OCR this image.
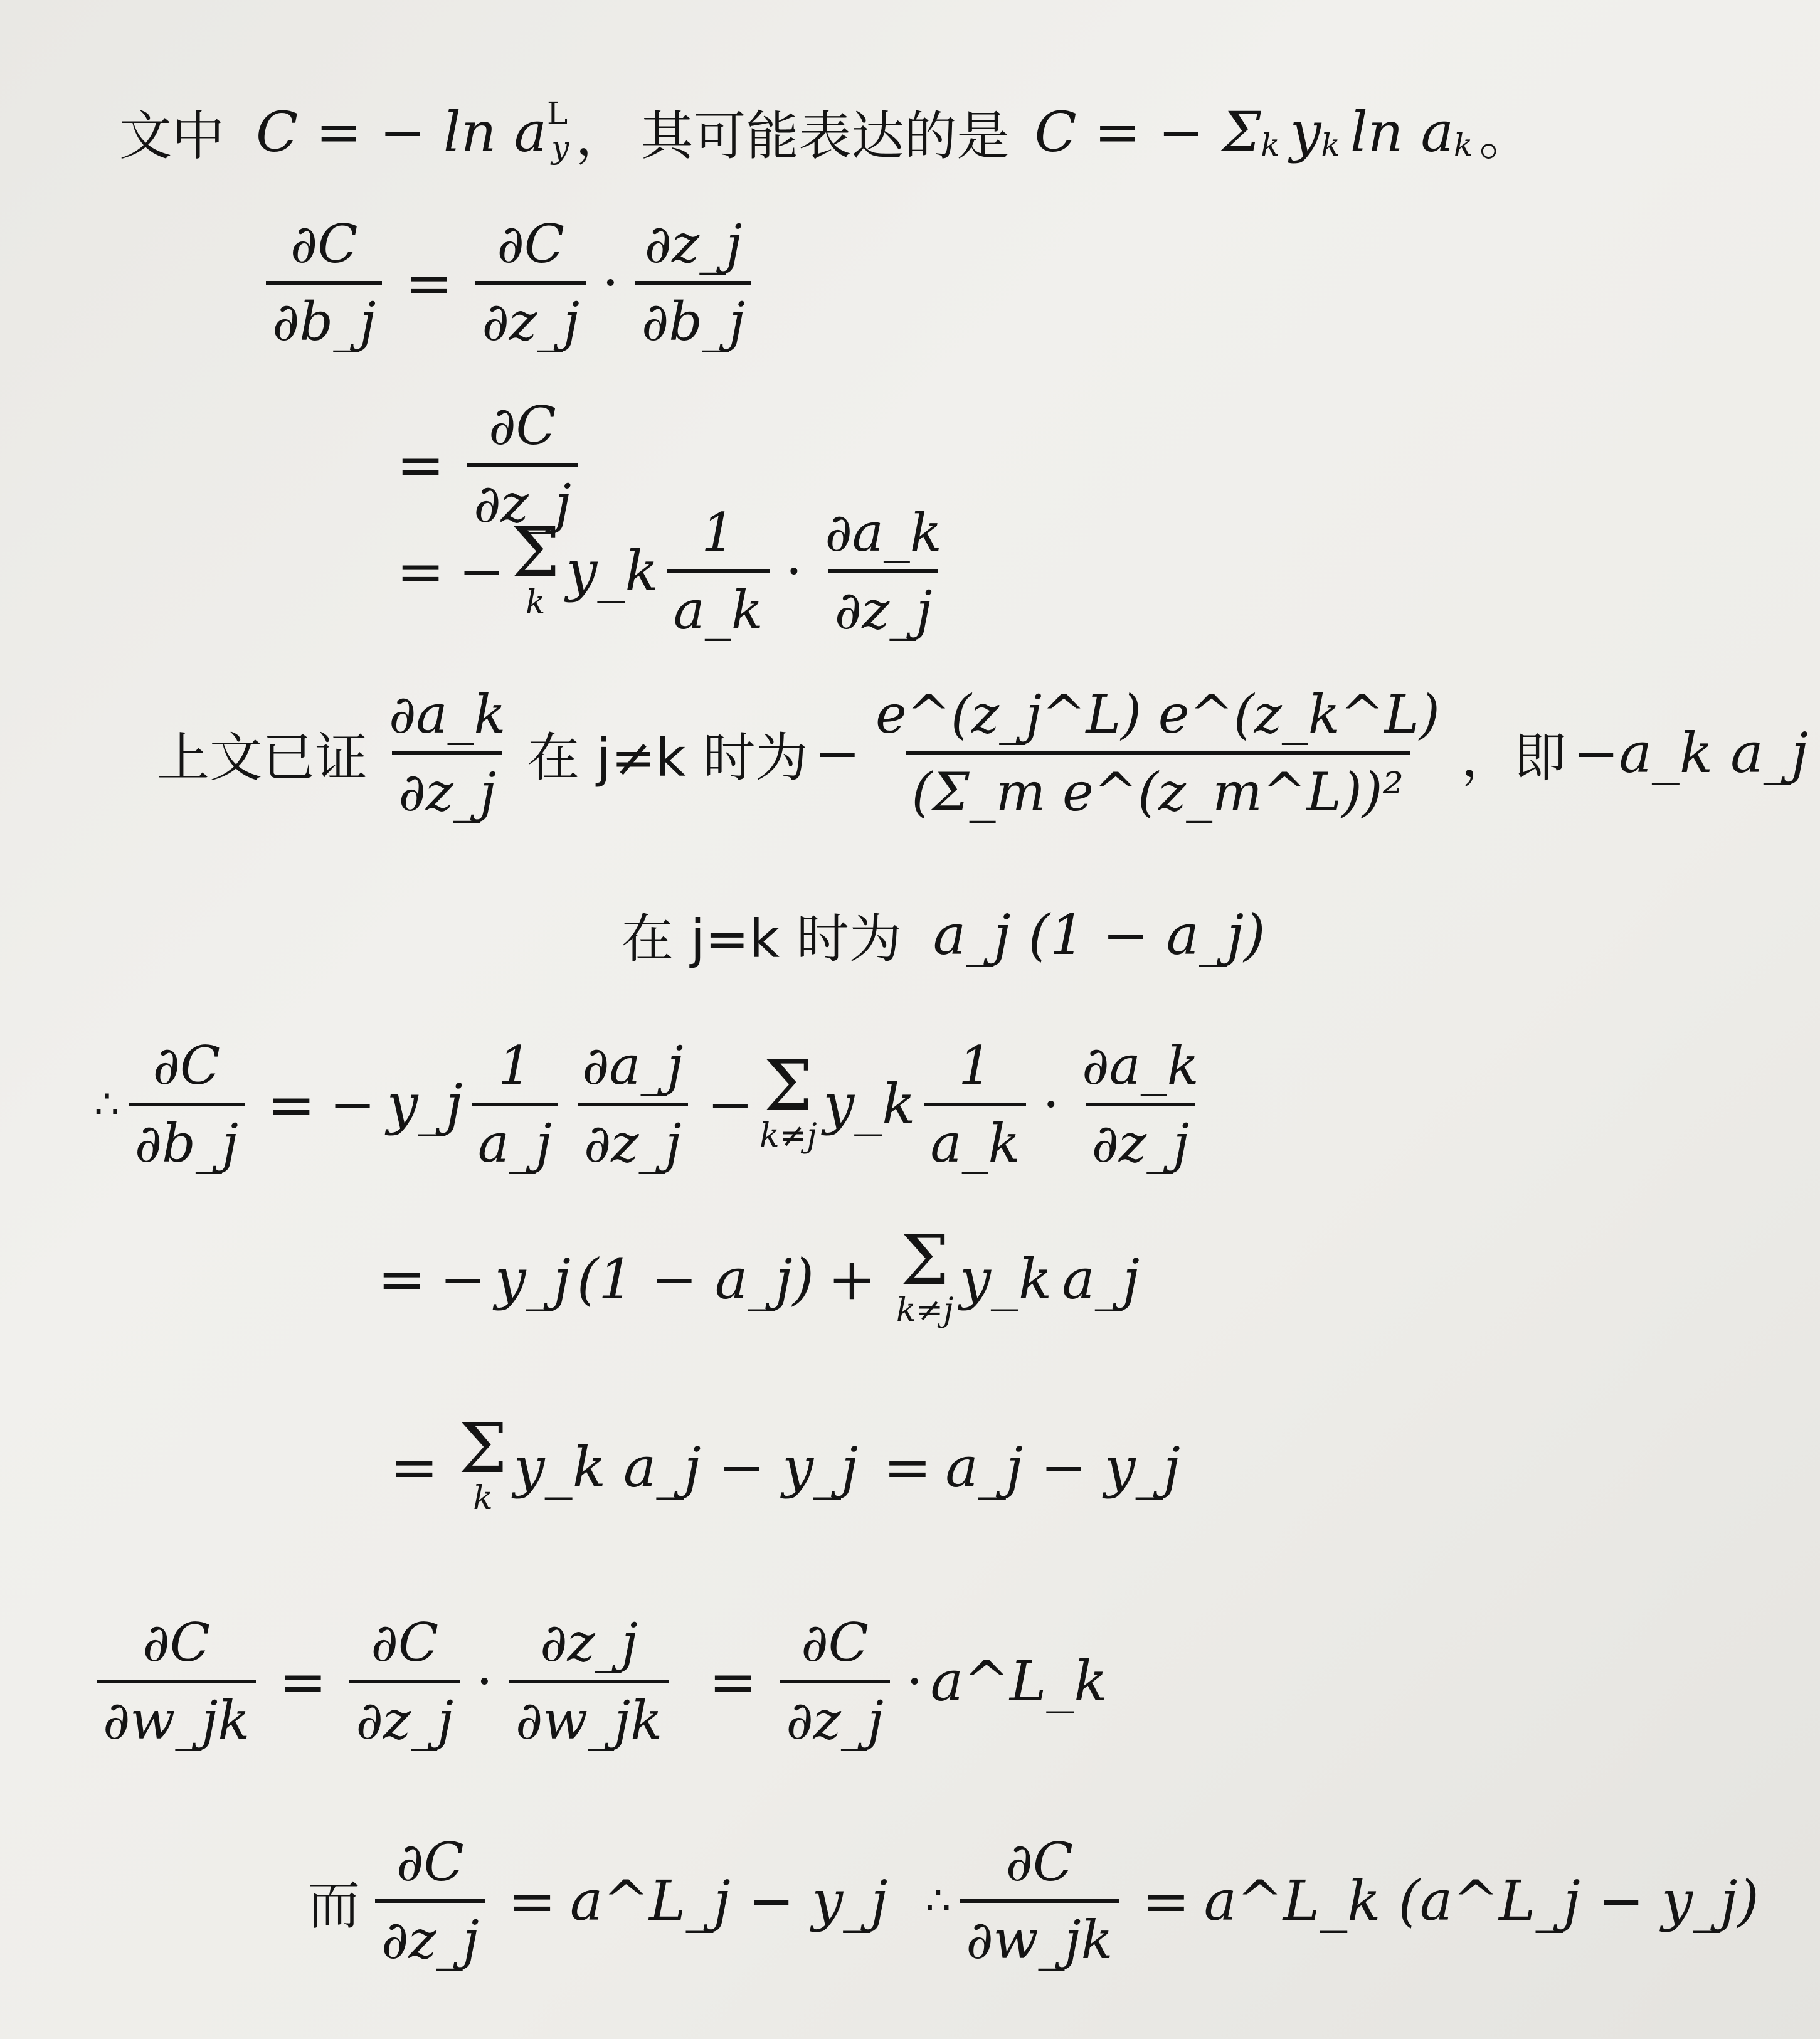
文中 C = − ln a L
y ， 其可能表达的是 C = − Σ k y k ln a k 。
$\frac{\partial C}{\partial b\_j} = \frac{\partial C}{\partial z\_j} \cdot \frac{\partial z\_j}{\partial b\_j}$
= $\frac{\partial C}{\partial z\_j}$
= − Σ
k y_k $\frac{1}{a\_k} \cdot \frac{\partial a\_k}{\partial z\_j}$
上文已证 $\frac{\partial a\_k}{\partial z\_j}$ 在 j≠k 时为 − $\frac{e\^{}(z\_j\^{}L) e\^{}(z\_k\^{}L)}{\text{(Σ\_m e\textasciicircum{}(z\_m\textasciicircum{}L))²}}$ ，即 −a_k a_j
在 j=k 时为 a_j (1 − a_j)
∴ $\frac{\partial C}{\partial b\_j}$ = − y_j $\frac{1}{a\_j} \frac{\partial a\_j}{\partial z\_j} - \Sigma$
k≠j y_k $\frac{1}{a\_k} \cdot \frac{\partial a\_k}{\partial z\_j}$
= − y_j (1 − a_j) + Σ
k≠j y_k a_j
= Σ
k y_k a_j − y_j = a_j − y_j
$\frac{\partial C}{\partial w\_jk} = \frac{\partial C}{\partial z\_j} \cdot \frac{\partial z\_j}{\partial w\_jk} = \frac{\partial C}{\partial z\_j}$ · a^L_k
而 $\frac{\partial C}{\partial z\_j}$ = a^L_j − y_j ∴ $\frac{\partial C}{\partial w\_jk}$ = a^L_k (a^L_j − y_j)
